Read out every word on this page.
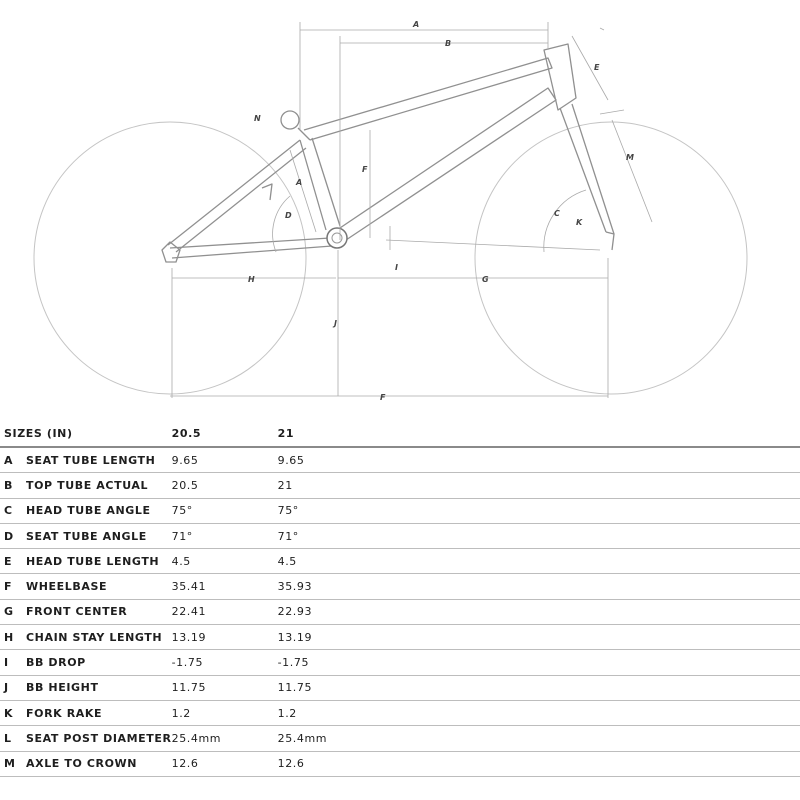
A
B
E
N
F
A
D
M
C
K
I
H	G
J
F
SIZES (IN)		20.5	21
A	SEAT TUBE LENGTH	9.65	9.65
B	TOP TUBE ACTUAL	20.5	21
C	HEAD TUBE ANGLE	75°	75°
D	SEAT TUBE ANGLE	71°	71°
E	HEAD TUBE LENGTH	4.5	4.5
F	WHEELBASE	35.41	35.93
G	FRONT CENTER	22.41	22.93
H	CHAIN STAY LENGTH	13.19	13.19
I	BB DROP	-1.75	-1.75
J	BB HEIGHT	11.75	11.75
K	FORK RAKE	1.2	1.2
L	SEAT POST DIAMETER	25.4mm	25.4mm
M	AXLE TO CROWN	12.6	12.6
